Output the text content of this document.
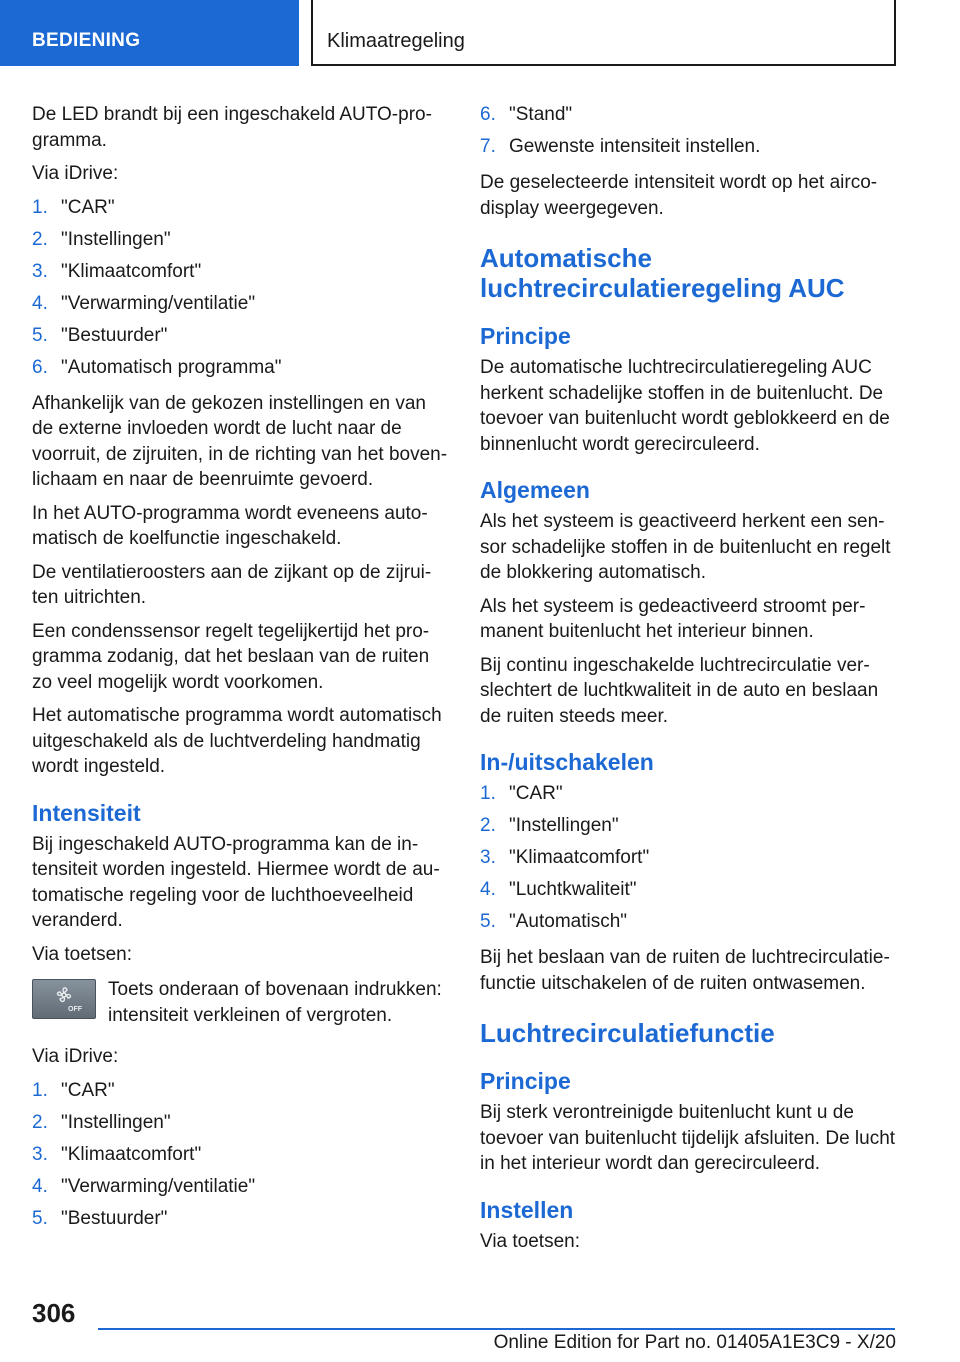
BEDIENING	Klimaatregeling

De LED brandt bij een ingeschakeld AUTO-pro-gramma.

Via iDrive:

1. "CAR"
2. "Instellingen"
3. "Klimaatcomfort"
4. "Verwarming/ventilatie"
5. "Bestuurder"
6. "Automatisch programma"

Afhankelijk van de gekozen instellingen en van de externe invloeden wordt de lucht naar de voorruit, de zijruiten, in de richting van het boven-lichaam en naar de beenruimte gevoerd.

In het AUTO-programma wordt eveneens auto-matisch de koelfunctie ingeschakeld.

De ventilatieroosters aan de zijkant op de zijrui-ten uitrichten.

Een condenssensor regelt tegelijkertijd het pro-gramma zodanig, dat het beslaan van de ruiten zo veel mogelijk wordt voorkomen.

Het automatische programma wordt automatisch uitgeschakeld als de luchtverdeling handmatig wordt ingesteld.

Intensiteit

Bij ingeschakeld AUTO-programma kan de in-tensiteit worden ingesteld. Hiermee wordt de au-tomatische regeling voor de luchthoeveelheid veranderd.

Via toetsen:

OFF
Toets onderaan of bovenaan indrukken: intensiteit verkleinen of vergroten.

Via iDrive:

1. "CAR"
2. "Instellingen"
3. "Klimaatcomfort"
4. "Verwarming/ventilatie"
5. "Bestuurder"
6. "Stand"
7. Gewenste intensiteit instellen.

De geselecteerde intensiteit wordt op het airco-display weergegeven.

Automatische luchtrecirculatieregeling AUC
Principe

De automatische luchtrecirculatieregeling AUC herkent schadelijke stoffen in de buitenlucht. De toevoer van buitenlucht wordt geblokkeerd en de binnenlucht wordt gerecirculeerd.

Algemeen

Als het systeem is geactiveerd herkent een sen-sor schadelijke stoffen in de buitenlucht en regelt de blokkering automatisch.

Als het systeem is gedeactiveerd stroomt per-manent buitenlucht het interieur binnen.

Bij continu ingeschakelde luchtrecirculatie ver-slechtert de luchtkwaliteit in de auto en beslaan de ruiten steeds meer.

In-/uitschakelen
1. "CAR"
2. "Instellingen"
3. "Klimaatcomfort"
4. "Luchtkwaliteit"
5. "Automatisch"

Bij het beslaan van de ruiten de luchtrecirculatie-functie uitschakelen of de ruiten ontwasemen.

Luchtrecirculatiefunctie
Principe

Bij sterk verontreinigde buitenlucht kunt u de toevoer van buitenlucht tijdelijk afsluiten. De lucht in het interieur wordt dan gerecirculeerd.

Instellen

Via toetsen:

306
Online Edition for Part no. 01405A1E3C9 - X/20
